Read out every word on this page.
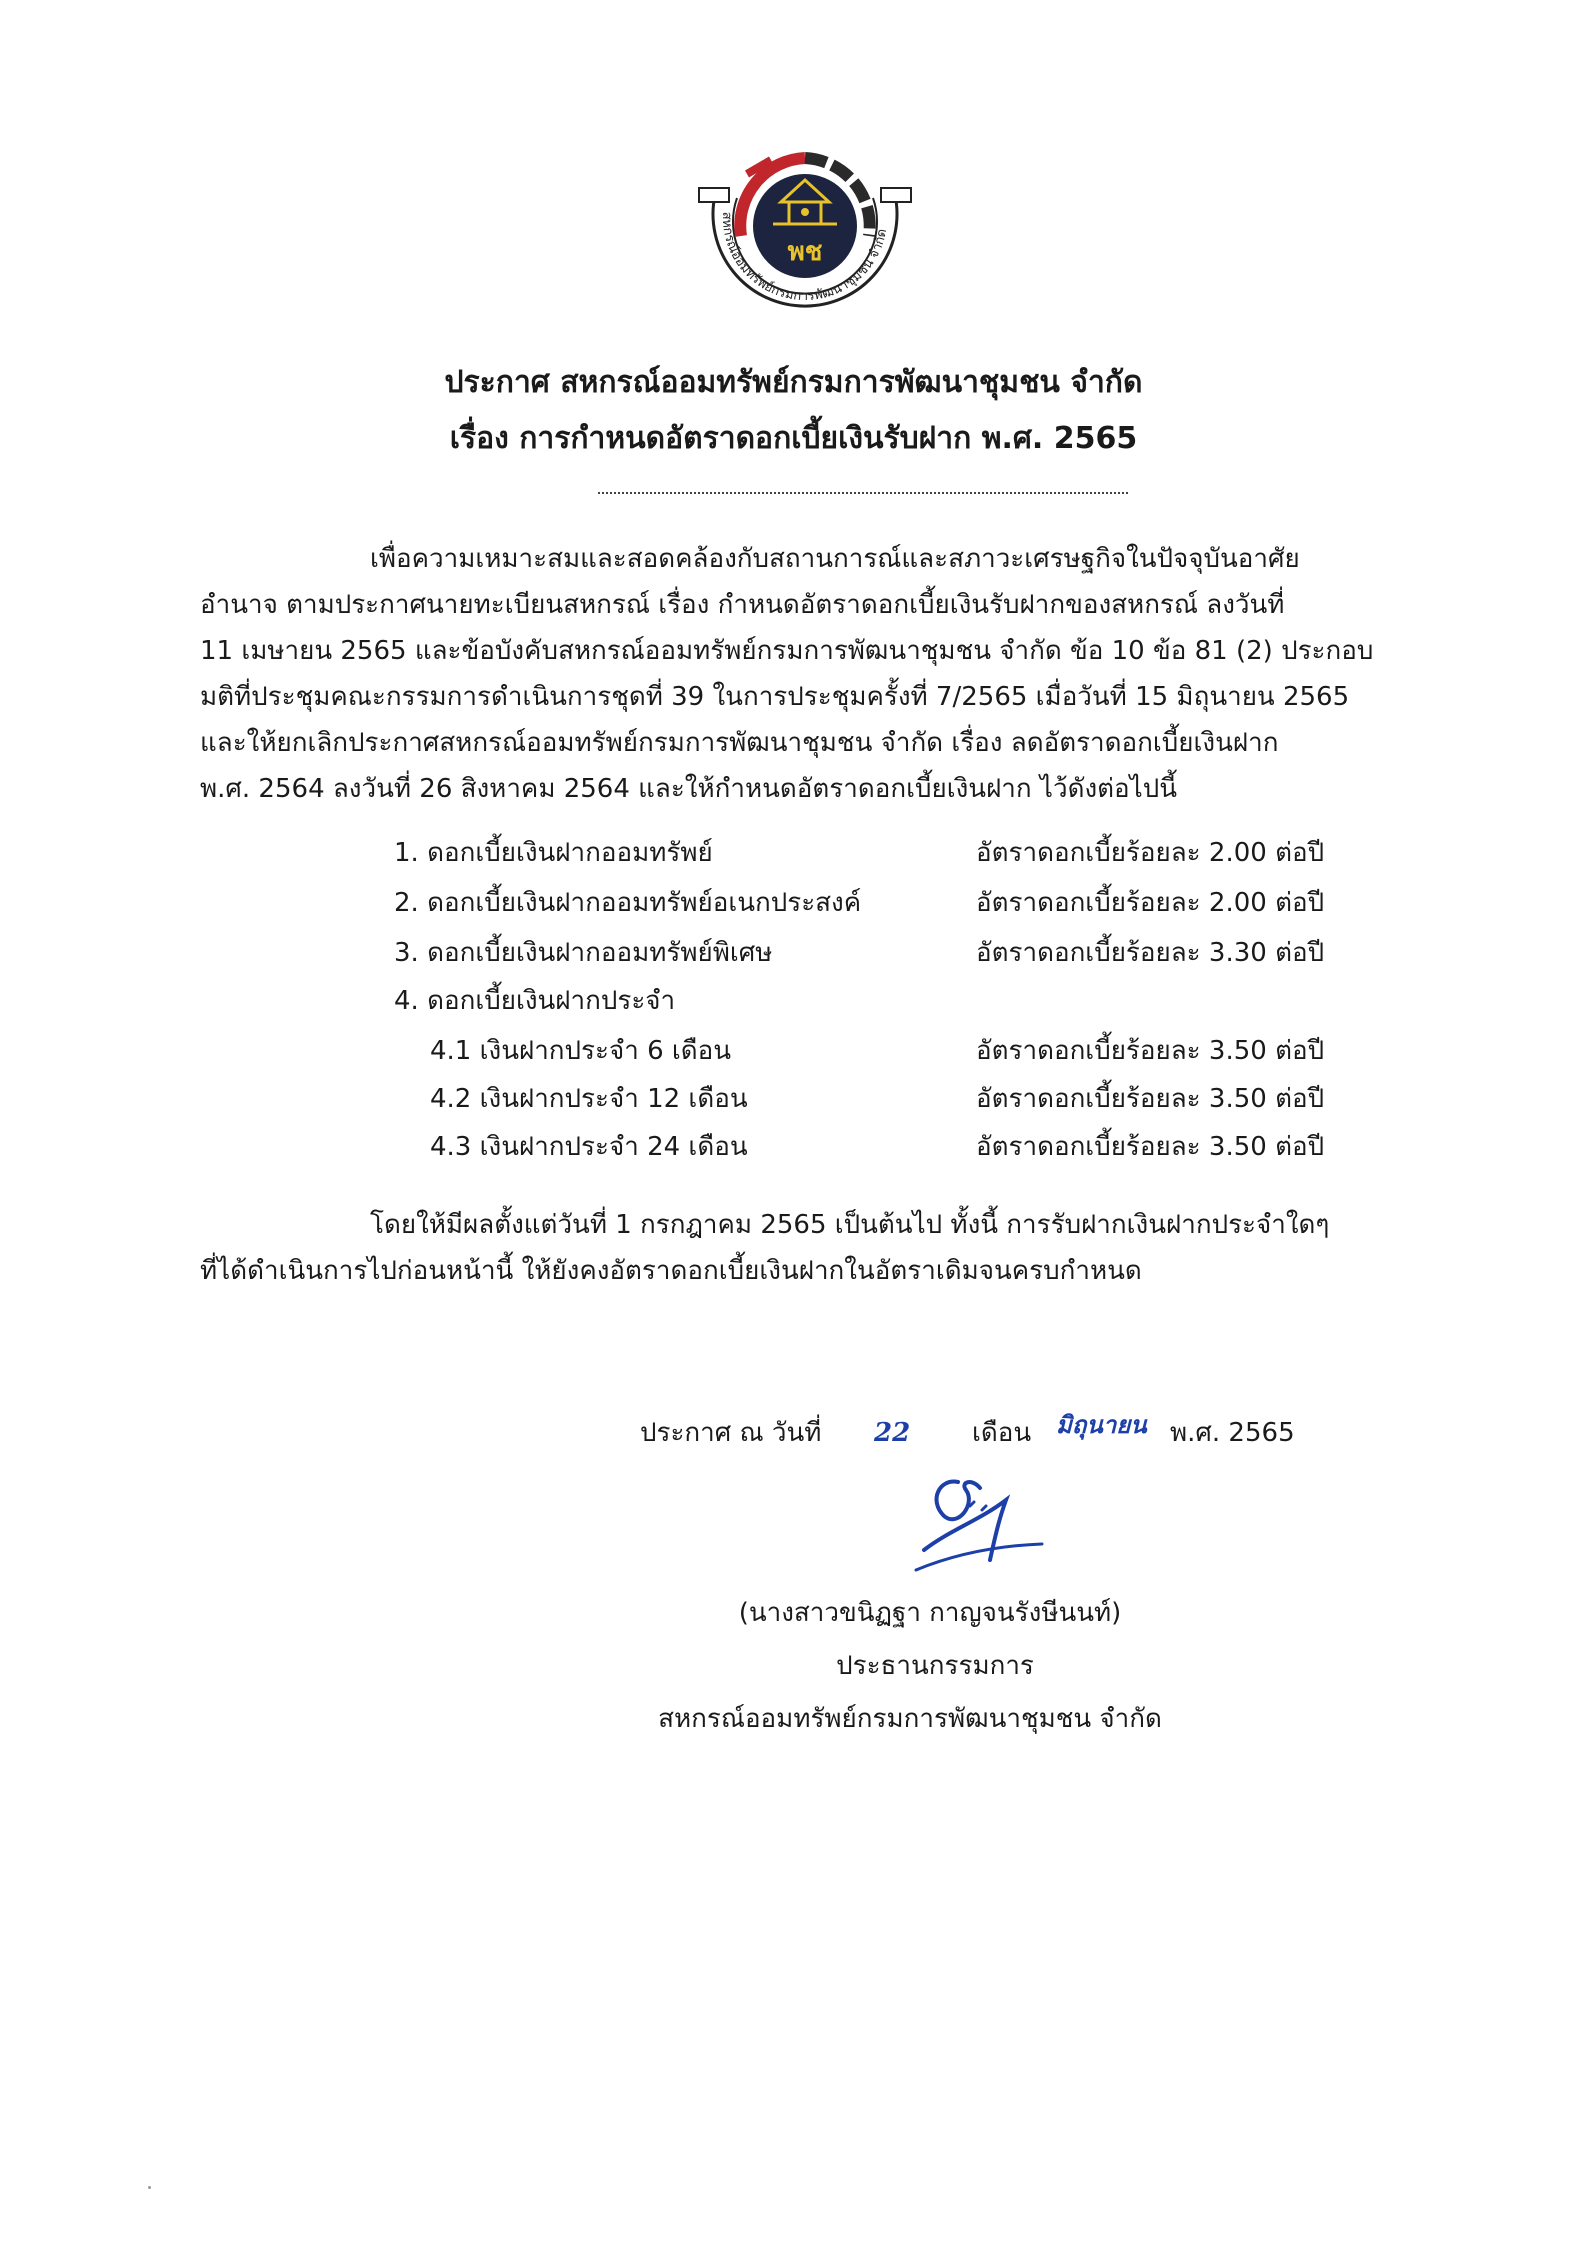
พช
สหกรณ์ออมทรัพย์กรมการพัฒนาชุมชน จำกัด
ประกาศ สหกรณ์ออมทรัพย์กรมการพัฒนาชุมชน จำกัด
เรื่อง การกำหนดอัตราดอกเบี้ยเงินรับฝาก พ.ศ. 2565
เพื่อความเหมาะสมและสอดคล้องกับสถานการณ์และสภาวะเศรษฐกิจในปัจจุบันอาศัย
อำนาจ ตามประกาศนายทะเบียนสหกรณ์ เรื่อง กำหนดอัตราดอกเบี้ยเงินรับฝากของสหกรณ์ ลงวันที่
11 เมษายน 2565 และข้อบังคับสหกรณ์ออมทรัพย์กรมการพัฒนาชุมชน จำกัด ข้อ 10 ข้อ 81 (2) ประกอบ
มติที่ประชุมคณะกรรมการดำเนินการชุดที่ 39 ในการประชุมครั้งที่ 7/2565 เมื่อวันที่ 15 มิถุนายน 2565
และให้ยกเลิกประกาศสหกรณ์ออมทรัพย์กรมการพัฒนาชุมชน จำกัด เรื่อง ลดอัตราดอกเบี้ยเงินฝาก
พ.ศ. 2564 ลงวันที่ 26 สิงหาคม 2564 และให้กำหนดอัตราดอกเบี้ยเงินฝาก ไว้ดังต่อไปนี้
1. ดอกเบี้ยเงินฝากออมทรัพย์	อัตราดอกเบี้ยร้อยละ 2.00 ต่อปี
2. ดอกเบี้ยเงินฝากออมทรัพย์อเนกประสงค์	อัตราดอกเบี้ยร้อยละ 2.00 ต่อปี
3. ดอกเบี้ยเงินฝากออมทรัพย์พิเศษ	อัตราดอกเบี้ยร้อยละ 3.30 ต่อปี
4. ดอกเบี้ยเงินฝากประจำ
4.1 เงินฝากประจำ 6 เดือน	อัตราดอกเบี้ยร้อยละ 3.50 ต่อปี
4.2 เงินฝากประจำ 12 เดือน	อัตราดอกเบี้ยร้อยละ 3.50 ต่อปี
4.3 เงินฝากประจำ 24 เดือน	อัตราดอกเบี้ยร้อยละ 3.50 ต่อปี
โดยให้มีผลตั้งแต่วันที่ 1 กรกฎาคม 2565 เป็นต้นไป ทั้งนี้ การรับฝากเงินฝากประจำใดๆ
ที่ได้ดำเนินการไปก่อนหน้านี้ ให้ยังคงอัตราดอกเบี้ยเงินฝากในอัตราเดิมจนครบกำหนด
ประกาศ ณ วันที่ 22 เดือน มิถุนายน พ.ศ. 2565
(นางสาวขนิฏฐา กาญจนรังษีนนท์)
ประธานกรรมการ
สหกรณ์ออมทรัพย์กรมการพัฒนาชุมชน จำกัด
